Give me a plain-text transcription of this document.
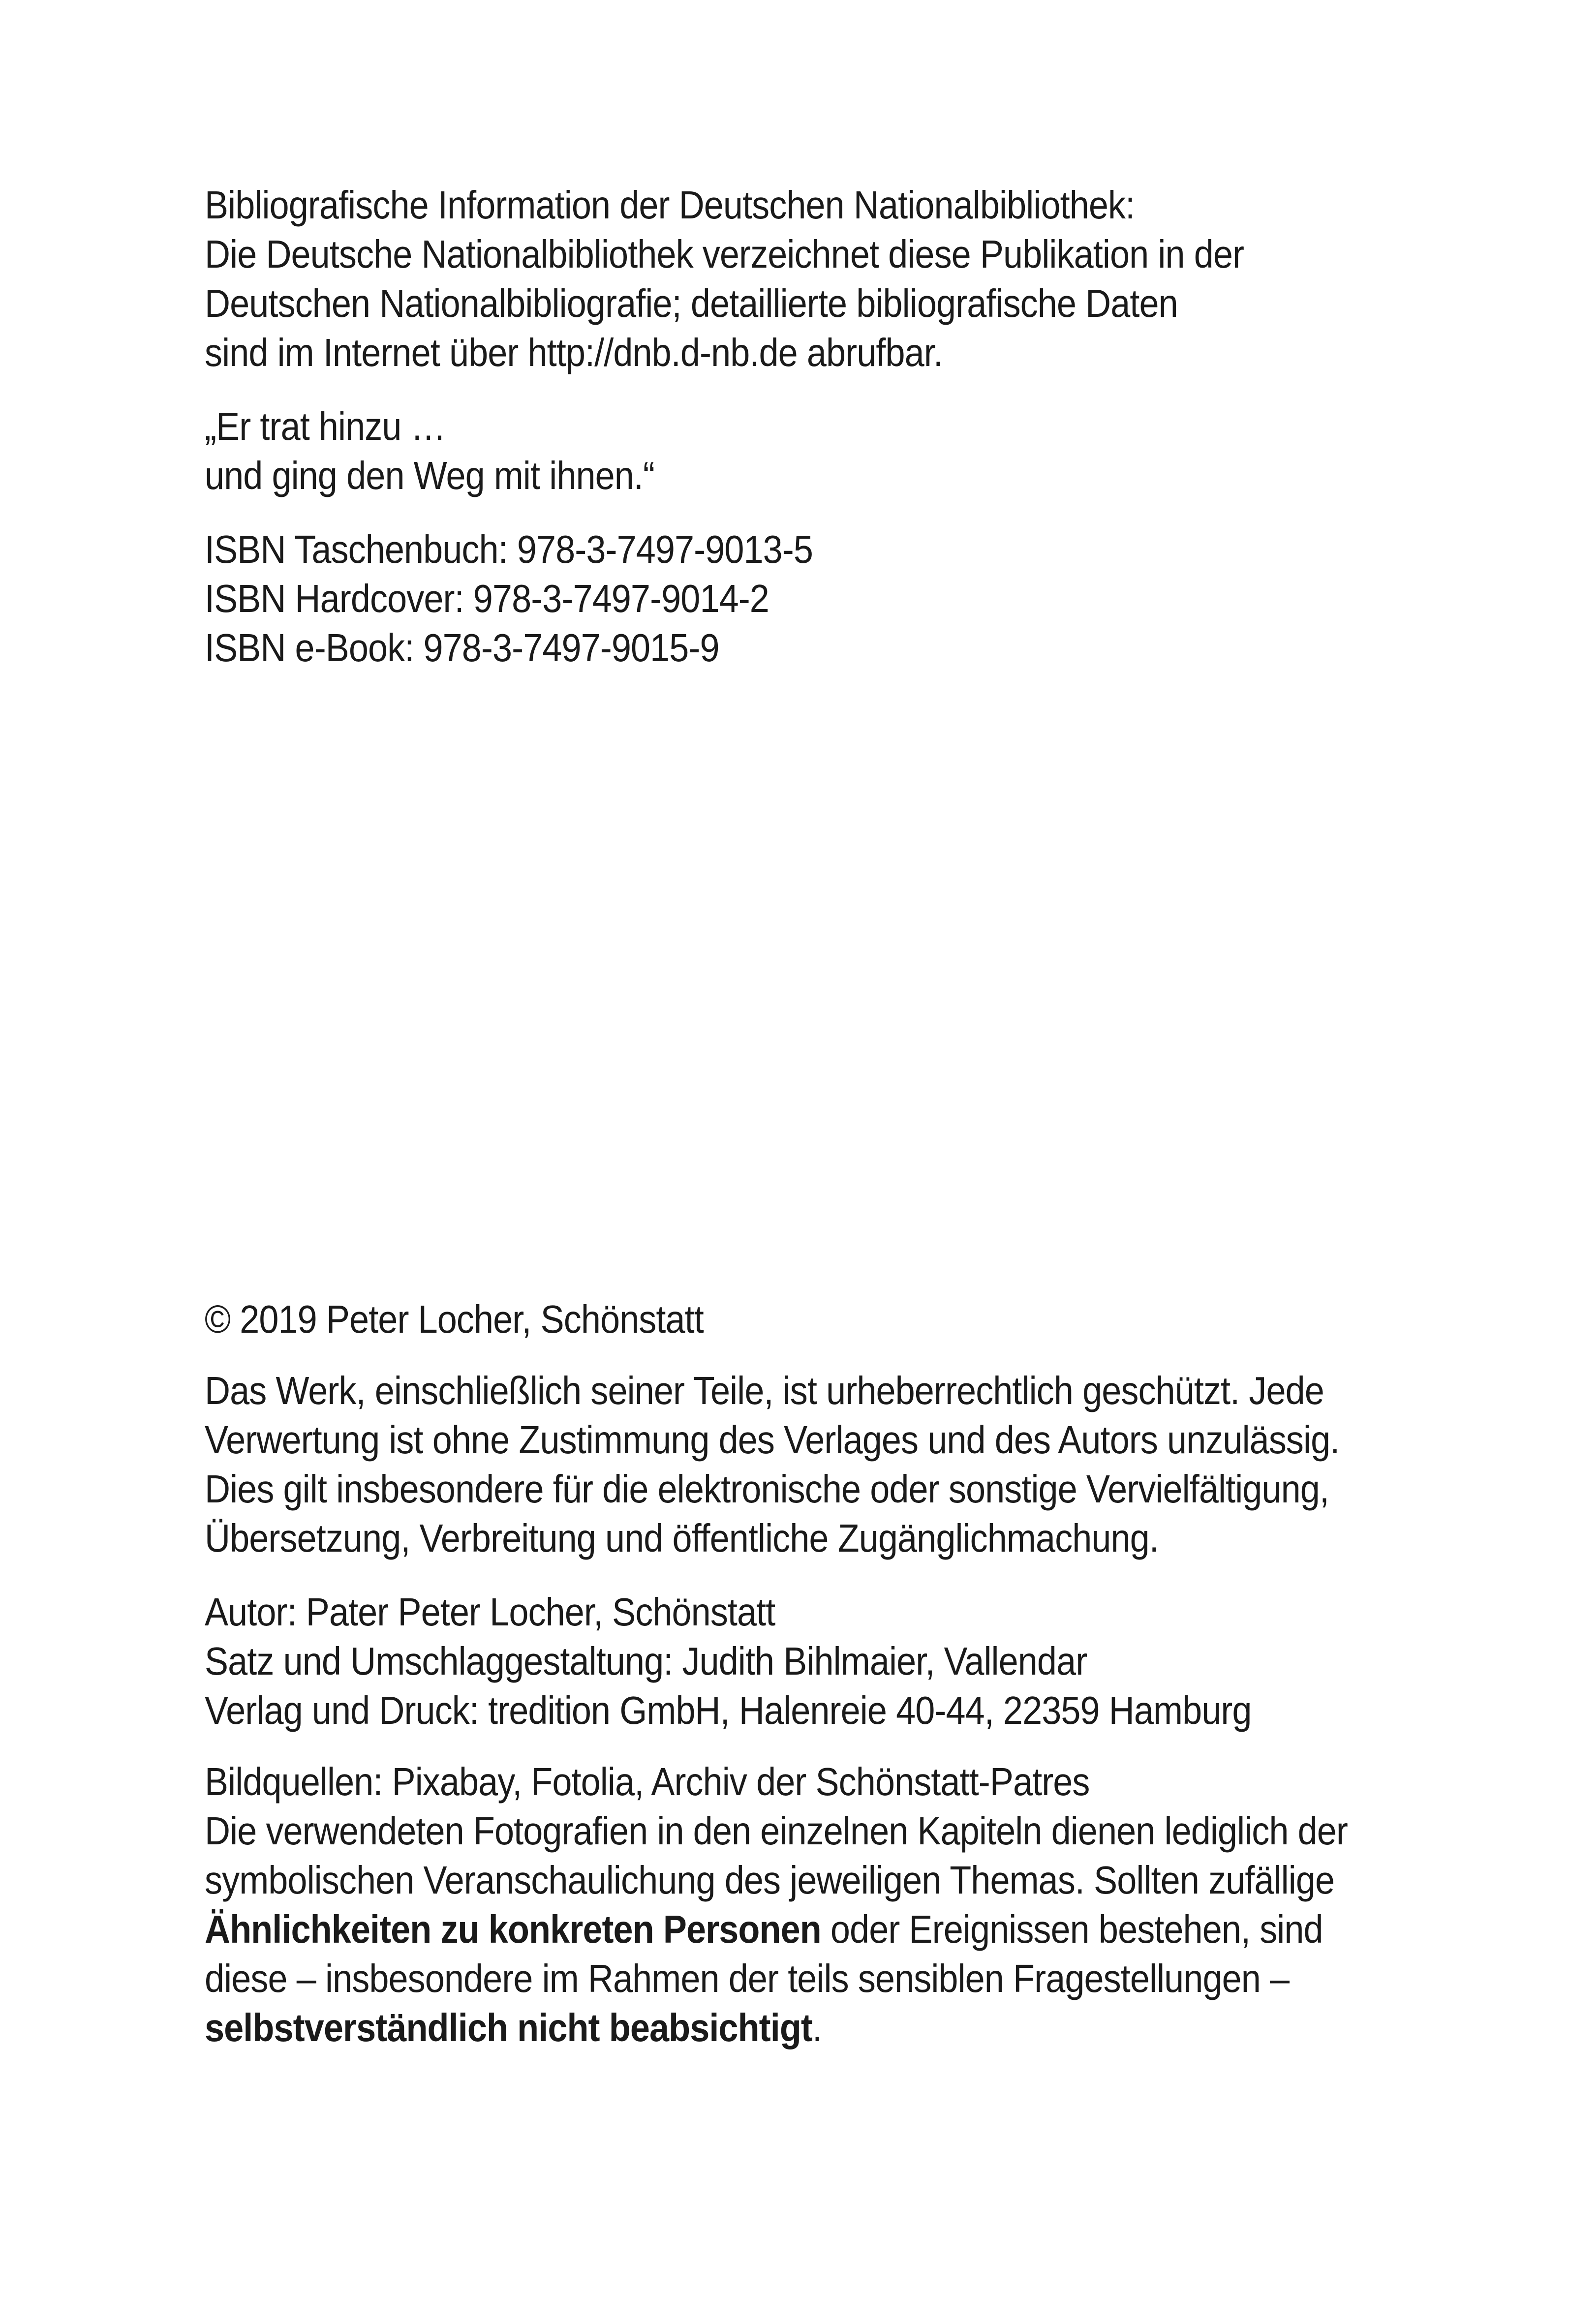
Bibliografische Information der Deutschen Nationalbibliothek:
Die Deutsche Nationalbibliothek verzeichnet diese Publikation in der
Deutschen Nationalbibliografie; detaillierte bibliografische Daten
sind im Internet über http://dnb.d-nb.de abrufbar.
„Er trat hinzu …
und ging den Weg mit ihnen.“
ISBN Taschenbuch: 978-3-7497-9013-5
ISBN Hardcover: 978-3-7497-9014-2
ISBN e-Book: 978-3-7497-9015-9
© 2019 Peter Locher, Schönstatt
Das Werk, einschließlich seiner Teile, ist urheberrechtlich geschützt. Jede
Verwertung ist ohne Zustimmung des Verlages und des Autors unzulässig.
Dies gilt insbesondere für die elektronische oder sonstige Vervielfältigung,
Übersetzung, Verbreitung und öffentliche Zugänglichmachung.
Autor: Pater Peter Locher, Schönstatt
Satz und Umschlaggestaltung: Judith Bihlmaier, Vallendar
Verlag und Druck: tredition GmbH, Halenreie 40-44, 22359 Hamburg
Bildquellen: Pixabay, Fotolia, Archiv der Schönstatt-Patres
Die verwendeten Fotografien in den einzelnen Kapiteln dienen lediglich der
symbolischen Veranschaulichung des jeweiligen Themas. Sollten zufällige
Ähnlichkeiten zu konkreten Personen oder Ereignissen bestehen, sind
diese – insbesondere im Rahmen der teils sensiblen Fragestellungen –
selbstverständlich nicht beabsichtigt.
